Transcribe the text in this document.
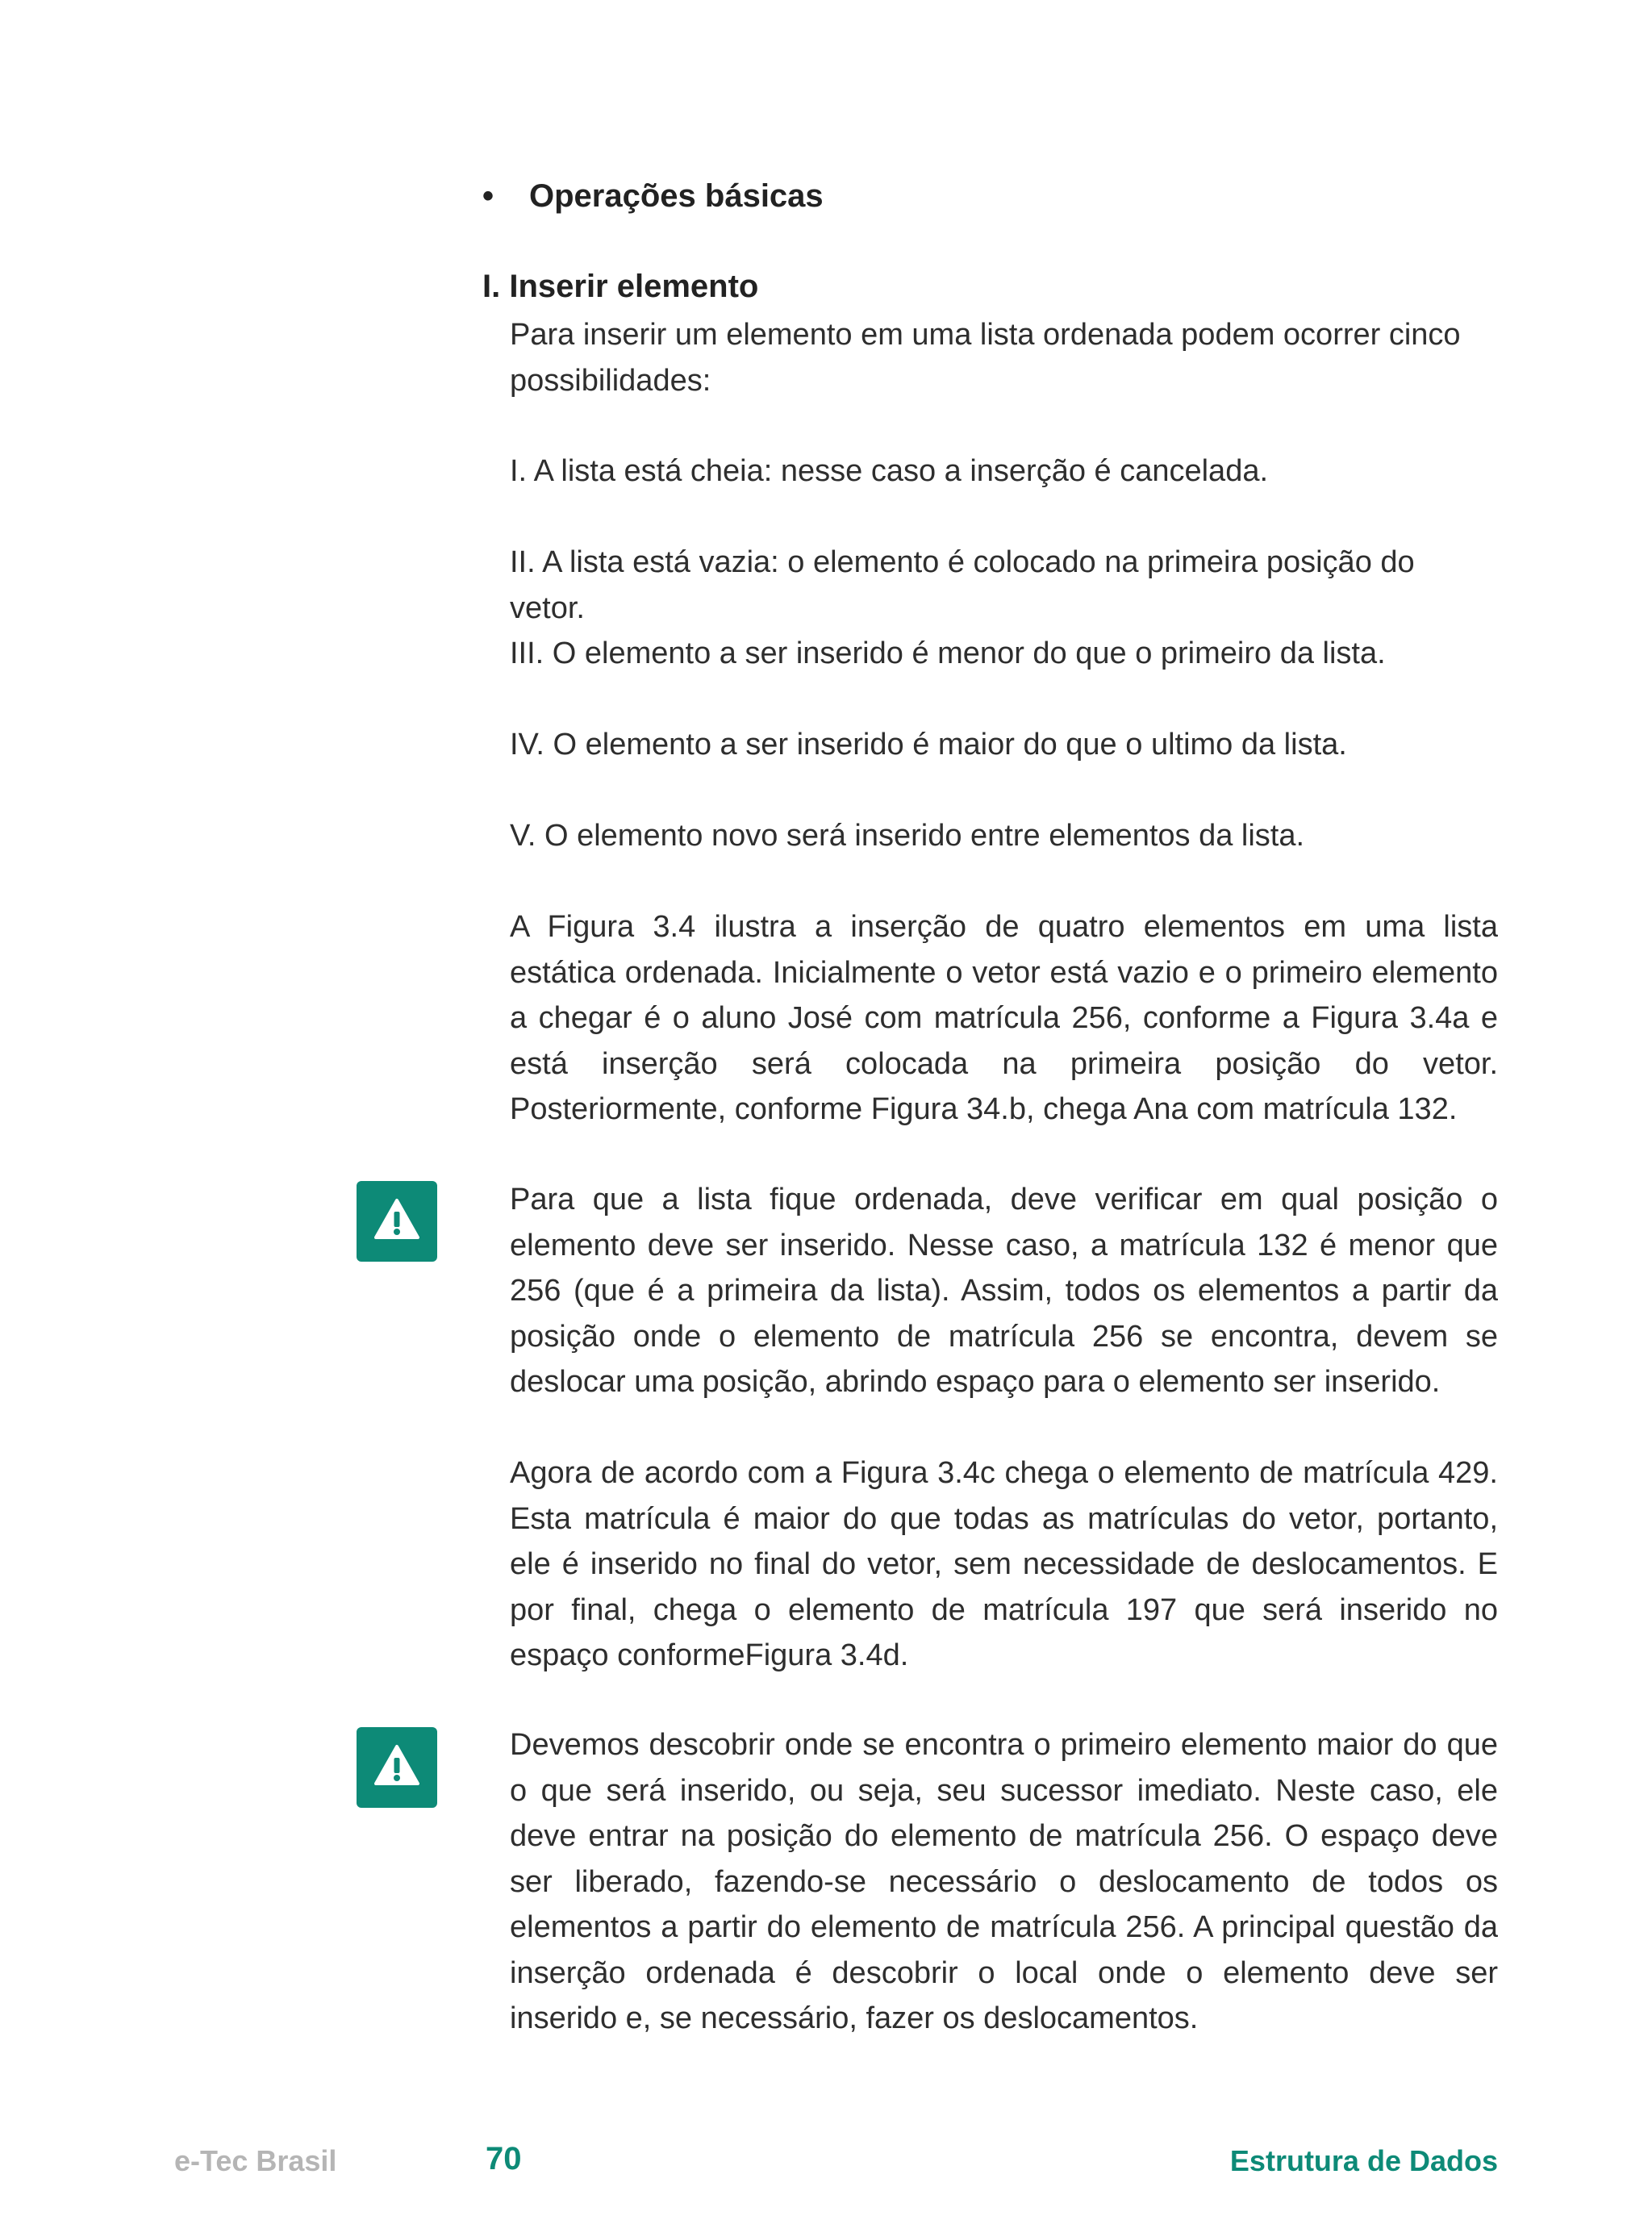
• Operações básicas
I. Inserir elemento

Para inserir um elemento em uma lista ordenada podem ocorrer cinco possibilidades:

I. A lista está cheia: nesse caso a inserção é cancelada.

II. A lista está vazia: o elemento é colocado na primeira posição do vetor.

III. O elemento a ser inserido é menor do que o primeiro da lista.

IV. O elemento a ser inserido é maior do que o ultimo da lista.

V. O elemento novo será inserido entre elementos da lista.

A Figura 3.4 ilustra a inserção de quatro elementos em uma lista estática ordenada. Inicialmente o vetor está vazio e o primeiro elemento a chegar é o aluno José com matrícula 256, conforme a Figura 3.4a e está inserção será colocada na primeira posição do vetor. Posteriormente, conforme Figura 34.b, chega Ana com matrícula 132.

Para que a lista fique ordenada, deve verificar em qual posição o elemento deve ser inserido. Nesse caso, a matrícula 132 é menor que 256 (que é a primeira da lista). Assim, todos os elementos a partir da posição onde o elemento de matrícula 256 se encontra, devem se deslocar uma posição, abrindo espaço para o elemento ser inserido.

Agora de acordo com a Figura 3.4c chega o elemento de matrícula 429. Esta matrícula é maior do que todas as matrículas do vetor, portanto, ele é inserido no final do vetor, sem necessidade de deslocamentos. E por final, chega o elemento de matrícula 197 que será inserido no espaço conformeFigura 3.4d.

Devemos descobrir onde se encontra o primeiro elemento maior do que o que será inserido, ou seja, seu sucessor imediato. Neste caso, ele deve entrar na posição do elemento de matrícula 256. O espaço deve ser liberado, fazendo-se necessário o deslocamento de todos os elementos a partir do elemento de matrícula 256. A principal questão da inserção ordenada é descobrir o local onde o elemento deve ser inserido e, se necessário, fazer os deslocamentos.

e-Tec Brasil	70	Estrutura de Dados
